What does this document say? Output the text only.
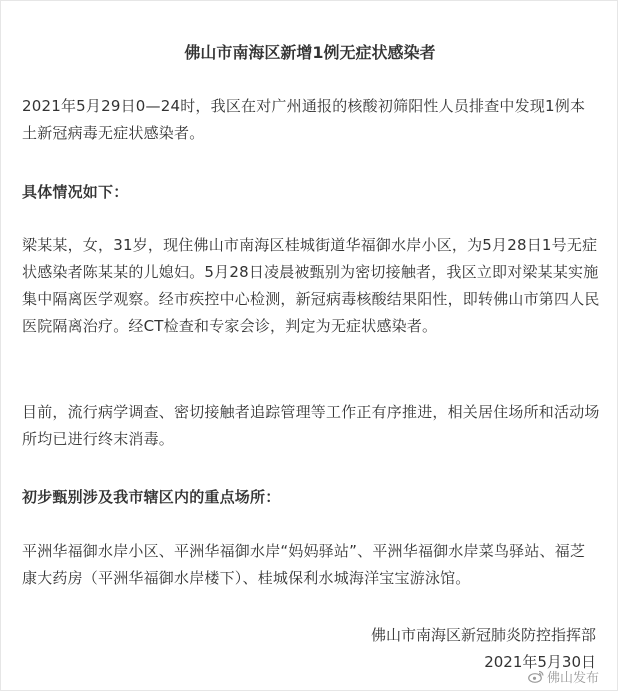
佛山市南海区新增1例无症状感染者

2021年5月29日0—24时，我区在对广州通报的核酸初筛阳性人员排查中发现1例本土新冠病毒无症状感染者。

具体情况如下：

梁某某，女，31岁，现住佛山市南海区桂城街道华福御水岸小区，为5月28日1号无症状感染者陈某某的儿媳妇。5月28日凌晨被甄别为密切接触者，我区立即对梁某某实施集中隔离医学观察。经市疾控中心检测，新冠病毒核酸结果阳性，即转佛山市第四人民医院隔离治疗。经CT检查和专家会诊，判定为无症状感染者。

目前，流行病学调查、密切接触者追踪管理等工作正有序推进，相关居住场所和活动场所均已进行终末消毒。

初步甄别涉及我市辖区内的重点场所：

平洲华福御水岸小区、平洲华福御水岸“妈妈驿站”、平洲华福御水岸菜鸟驿站、福芝康大药房（平洲华福御水岸楼下）、桂城保利水城海洋宝宝游泳馆。

佛山市南海区新冠肺炎防控指挥部
2021年5月30日
佛山发布
